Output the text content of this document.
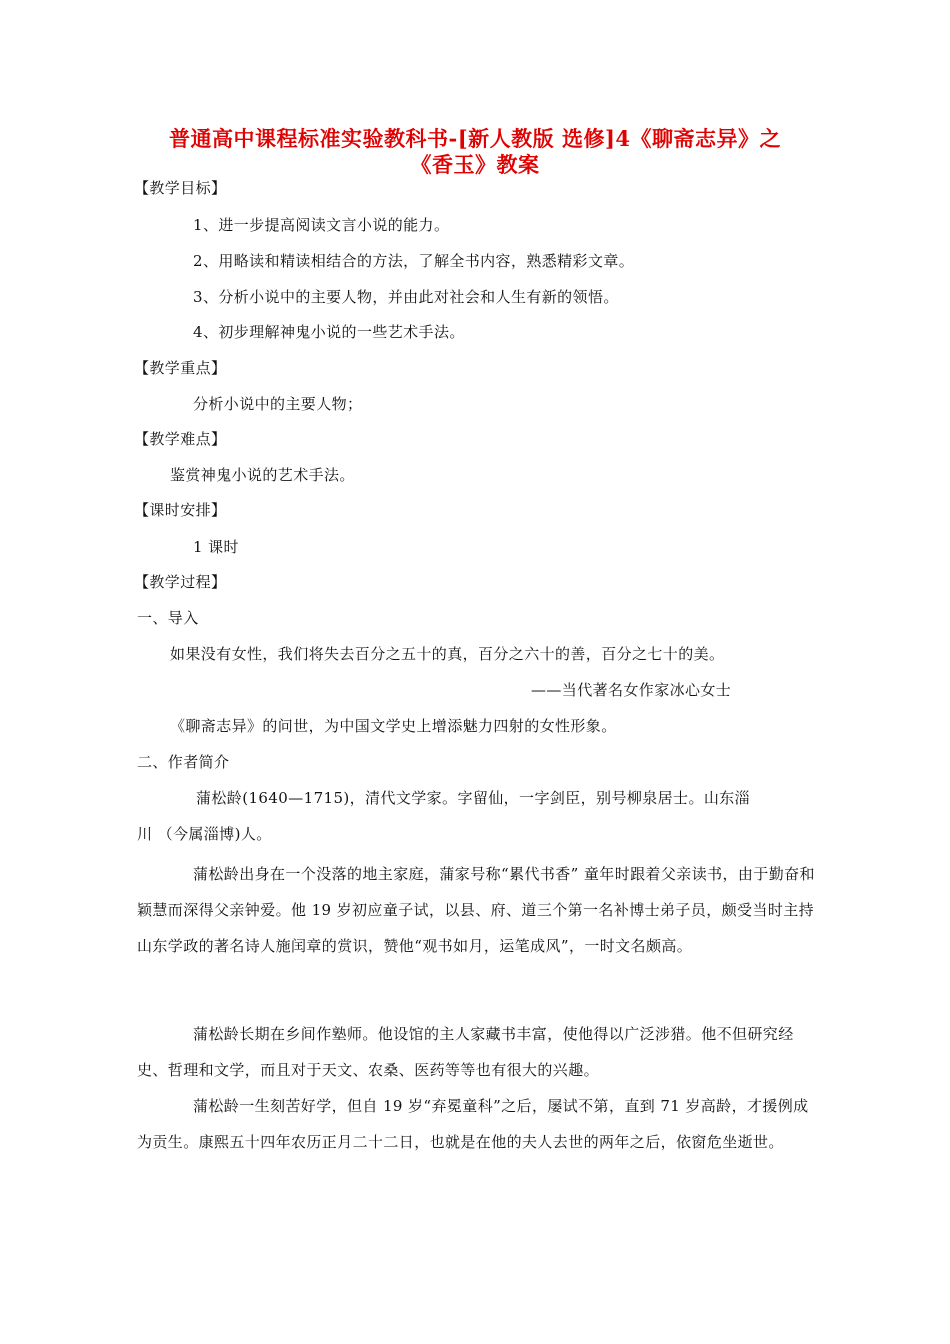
普通高中课程标准实验教科书-[新人教版 选修]4《聊斋志异》之
《香玉》教案
【教学目标】
1、进一步提高阅读文言小说的能力。
2、用略读和精读相结合的方法，了解全书内容，熟悉精彩文章。
3、分析小说中的主要人物，并由此对社会和人生有新的领悟。
4、初步理解神鬼小说的一些艺术手法。
【教学重点】
分析小说中的主要人物；
【教学难点】
鉴赏神鬼小说的艺术手法。
【课时安排】
1 课时
【教学过程】
一、导入
如果没有女性，我们将失去百分之五十的真，百分之六十的善，百分之七十的美。
——当代著名女作家冰心女士
《聊斋志异》的问世，为中国文学史上增添魅力四射的女性形象。
二、作者简介
蒲松龄(1640—1715)，清代文学家。字留仙，一字剑臣，别号柳泉居士。山东淄
川 （今属淄博)人。
蒲松龄出身在一个没落的地主家庭，蒲家号称“累代书香” 童年时跟着父亲读书，由于勤奋和颖慧而深得父亲钟爱。他 19 岁初应童子试，以县、府、道三个第一名补博士弟子员，颇受当时主持山东学政的著名诗人施闰章的赏识，赞他“观书如月，运笔成风”，一时文名颇高。
蒲松龄长期在乡间作塾师。他设馆的主人家藏书丰富，使他得以广泛涉猎。他不但研究经史、哲理和文学，而且对于天文、农桑、医药等等也有很大的兴趣。
蒲松龄一生刻苦好学，但自 19 岁“弃冕童科”之后，屡试不第，直到 71 岁高龄，才援例成为贡生。康熙五十四年农历正月二十二日，也就是在他的夫人去世的两年之后，依窗危坐逝世。
